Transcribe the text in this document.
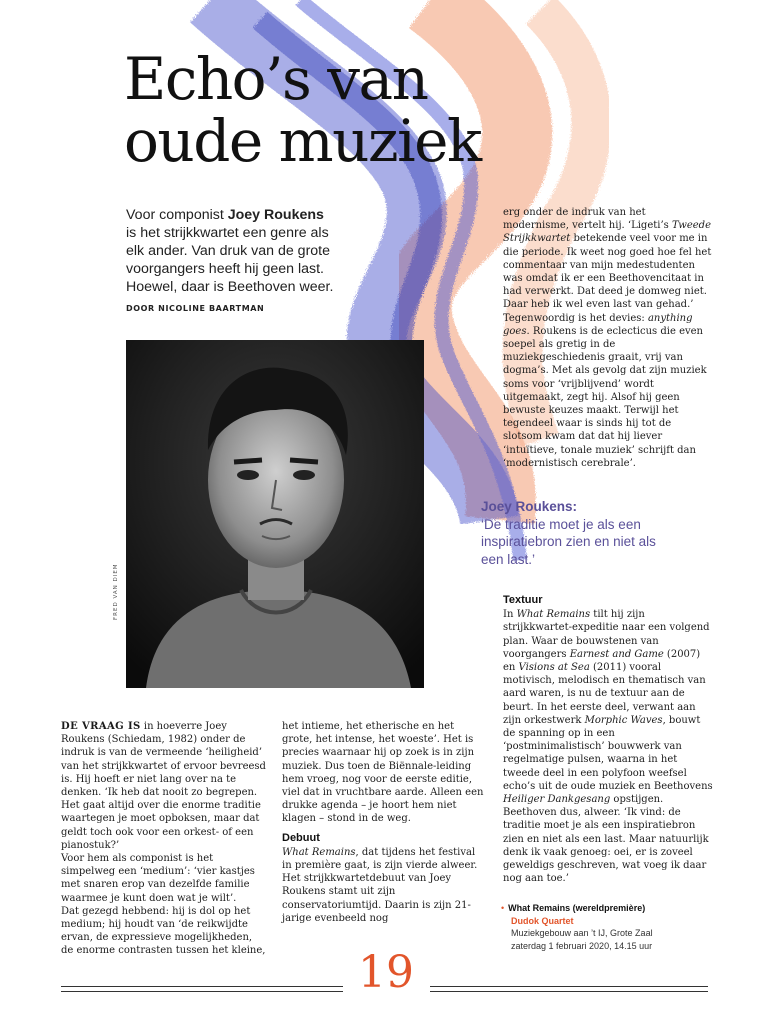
Echo’s van
oude muziek

Voor componist Joey Roukens is het strijkkwartet een genre als elk ander. Van druk van de grote voorgangers heeft hij geen last. Hoewel, daar is Beethoven weer.

DOOR NICOLINE BAARTMAN
FRED VAN DIEM

erg onder de indruk van het modernisme, vertelt hij. ‘Ligeti’s Tweede Strijkkwartet betekende veel voor me in die periode. Ik weet nog goed hoe fel het commentaar van mijn medestudenten was omdat ik er een Beethovencitaat in had verwerkt. Dat deed je domweg niet. Daar heb ik wel even last van gehad.’

Tegenwoordig is het devies: anything goes. Roukens is de eclecticus die even soepel als gretig in de muziekgeschiedenis graait, vrij van dogma’s. Met als gevolg dat zijn muziek soms voor ‘vrijblijvend’ wordt uitgemaakt, zegt hij. Alsof hij geen bewuste keuzes maakt. Terwijl het tegendeel waar is sinds hij tot de slotsom kwam dat dat hij liever ‘intuïtieve, tonale muziek’ schrijft dan ‘modernistisch cerebrale’.

Joey Roukens:

‘De traditie moet je als een inspiratiebron zien en niet als een last.’

DE VRAAG IS in hoeverre Joey Roukens (Schiedam, 1982) onder de indruk is van de vermeende ‘heiligheid’ van het strijkkwartet of ervoor bevreesd is. Hij hoeft er niet lang over na te denken. ‘Ik heb dat nooit zo begrepen. Het gaat altijd over die enorme traditie waartegen je moet opboksen, maar dat geldt toch ook voor een orkest- of een pianostuk?’

Voor hem als componist is het simpelweg een ‘medium’: ‘vier kastjes met snaren erop van dezelfde familie waarmee je kunt doen wat je wilt’.

Dat gezegd hebbend: hij is dol op het medium; hij houdt van ‘de reikwijdte ervan, de expressieve mogelijkheden, de enorme contrasten tussen het kleine,

het intieme, het etherische en het grote, het intense, het woeste’. Het is precies waarnaar hij op zoek is in zijn muziek. Dus toen de Biënnale-leiding hem vroeg, nog voor de eerste editie, viel dat in vruchtbare aarde. Alleen een drukke agenda – je hoort hem niet klagen – stond in de weg.

Debuut

What Remains, dat tijdens het festival in première gaat, is zijn vierde alweer. Het strijkkwartetdebuut van Joey Roukens stamt uit zijn conservatoriumtijd. Daarin is zijn 21-jarige evenbeeld nog

Textuur

In What Remains tilt hij zijn strijkkwartet-expeditie naar een volgend plan. Waar de bouwstenen van voorgangers Earnest and Game (2007) en Visions at Sea (2011) vooral motivisch, melodisch en thematisch van aard waren, is nu de textuur aan de beurt. In het eerste deel, verwant aan zijn orkestwerk Morphic Waves, bouwt de spanning op in een ‘postminimalistisch’ bouwwerk van regelmatige pulsen, waarna in het tweede deel in een polyfoon weefsel echo’s uit de oude muziek en Beethovens Heiliger Dankgesang opstijgen.

Beethoven dus, alweer. ‘Ik vind: de traditie moet je als een inspiratiebron zien en niet als een last. Maar natuurlijk denk ik vaak genoeg: oei, er is zoveel geweldigs geschreven, wat voeg ik daar nog aan toe.’

• What Remains (wereldpremière)
Dudok Quartet
Muziekgebouw aan ’t IJ, Grote Zaal
zaterdag 1 februari 2020, 14.15 uur
19
